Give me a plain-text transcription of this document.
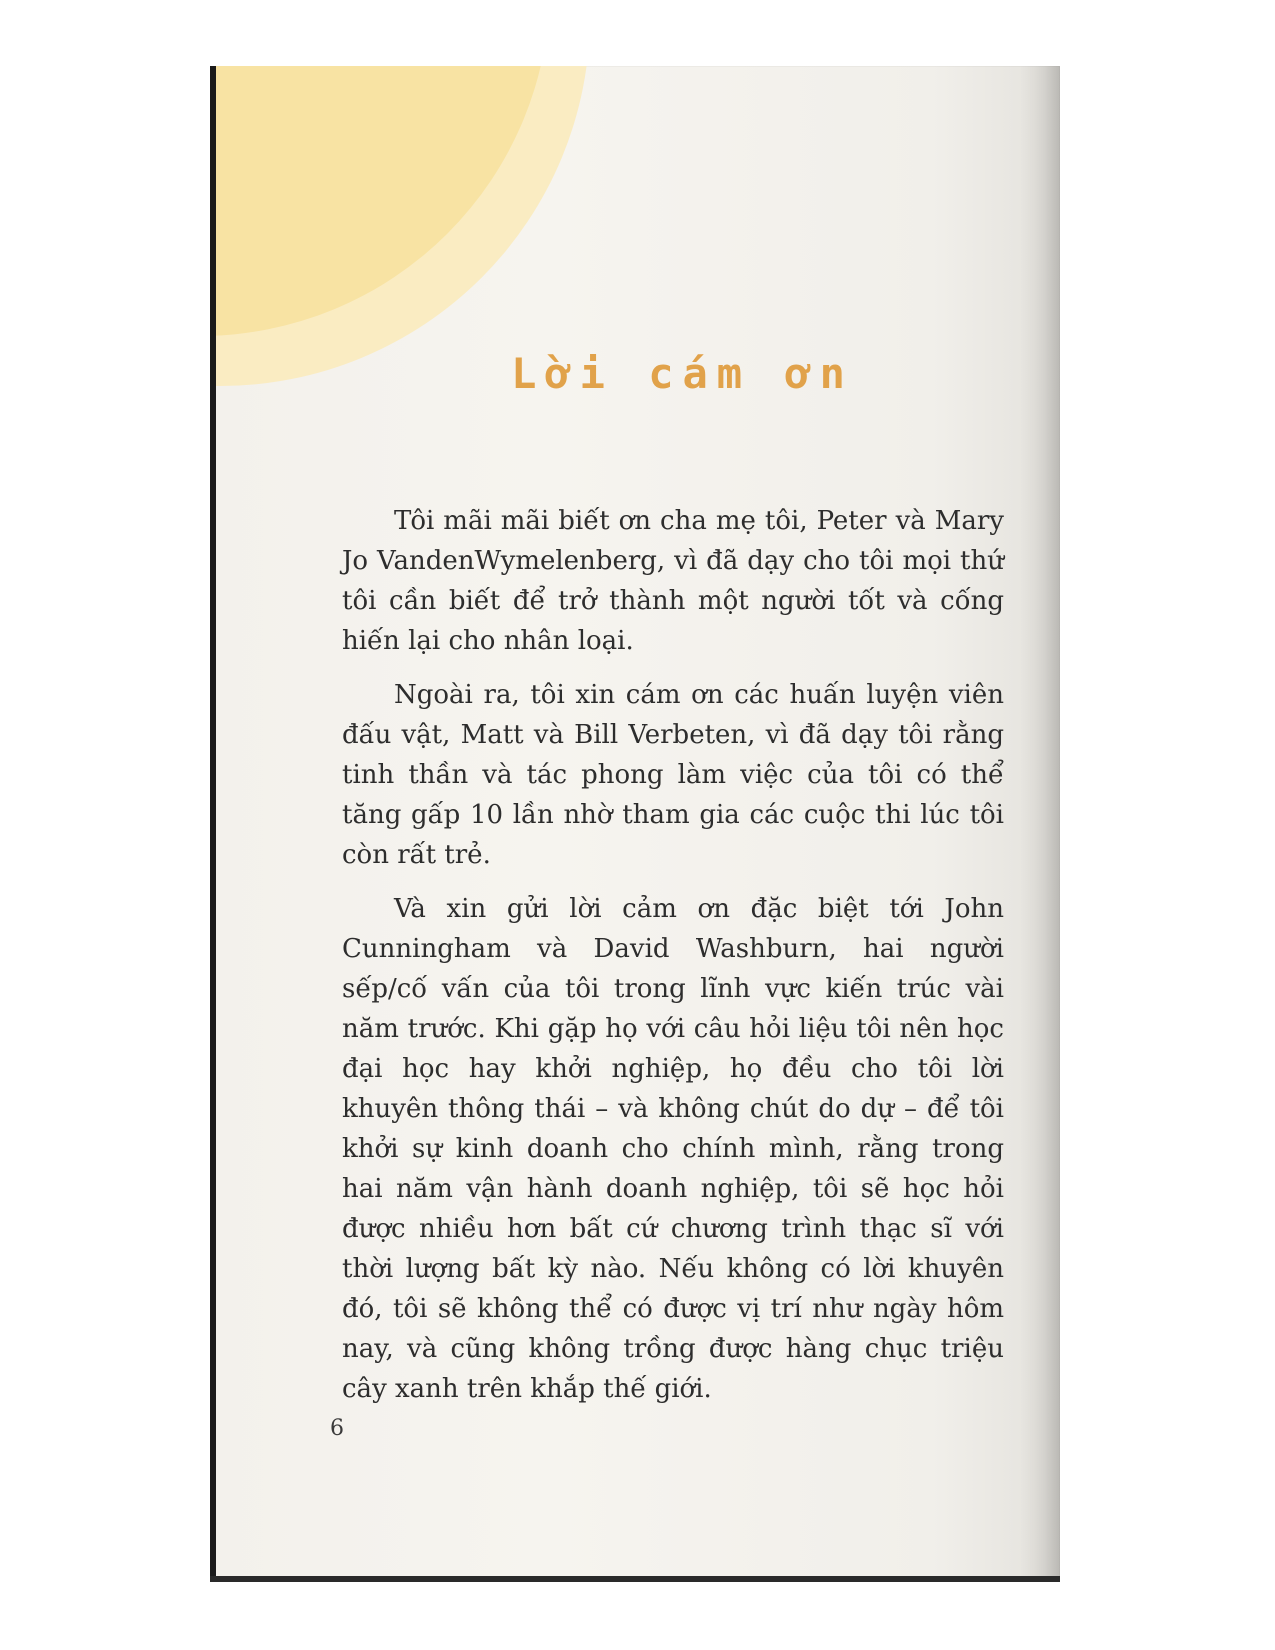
Lời cám ơn

Tôi mãi mãi biết ơn cha mẹ tôi, Peter và Mary Jo VandenWymelenberg, vì đã dạy cho tôi mọi thứ tôi cần biết để trở thành một người tốt và cống hiến lại cho nhân loại.

Ngoài ra, tôi xin cám ơn các huấn luyện viên đấu vật, Matt và Bill Verbeten, vì đã dạy tôi rằng tinh thần và tác phong làm việc của tôi có thể tăng gấp 10 lần nhờ tham gia các cuộc thi lúc tôi còn rất trẻ.

Và xin gửi lời cảm ơn đặc biệt tới John Cunningham và David Washburn, hai người sếp/cố vấn của tôi trong lĩnh vực kiến trúc vài năm trước. Khi gặp họ với câu hỏi liệu tôi nên học đại học hay khởi nghiệp, họ đều cho tôi lời khuyên thông thái – và không chút do dự – để tôi khởi sự kinh doanh cho chính mình, rằng trong hai năm vận hành doanh nghiệp, tôi sẽ học hỏi được nhiều hơn bất cứ chương trình thạc sĩ với thời lượng bất kỳ nào. Nếu không có lời khuyên đó, tôi sẽ không thể có được vị trí như ngày hôm nay, và cũng không trồng được hàng chục triệu cây xanh trên khắp thế giới.

6
